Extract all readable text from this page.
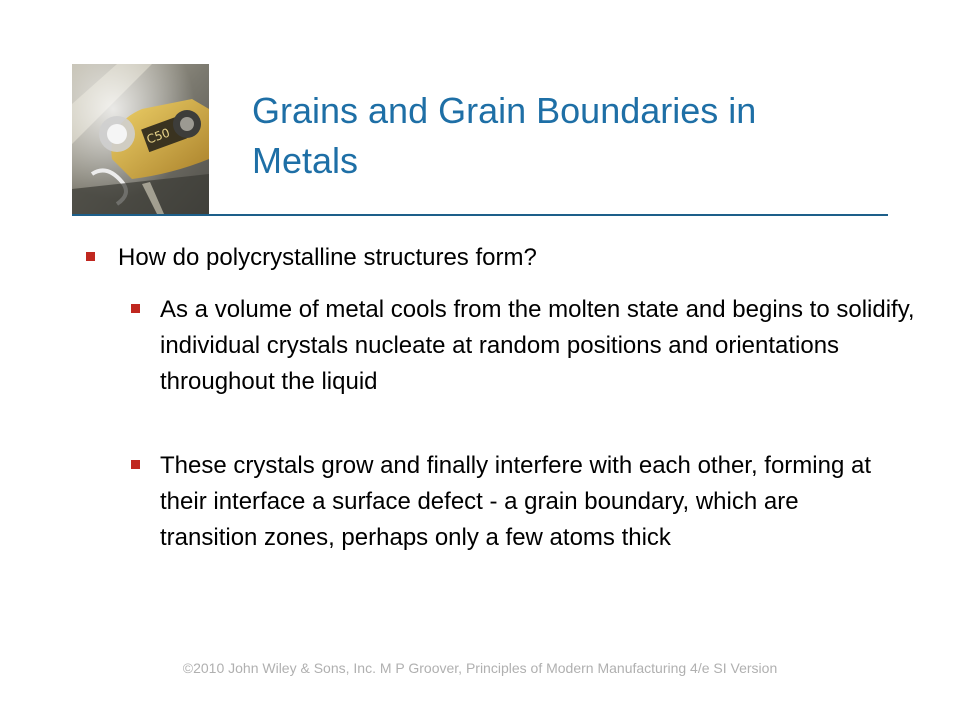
C50
Grains and Grain Boundaries in Metals
How do polycrystalline structures form?
As a volume of metal cools from the molten state and begins to solidify, individual crystals nucleate at random positions and orientations throughout the liquid
These crystals grow and finally interfere with each other, forming at their interface a surface defect - a grain boundary, which are transition zones, perhaps only a few atoms thick
©2010 John Wiley & Sons, Inc. M P Groover, Principles of Modern Manufacturing 4/e SI Version
